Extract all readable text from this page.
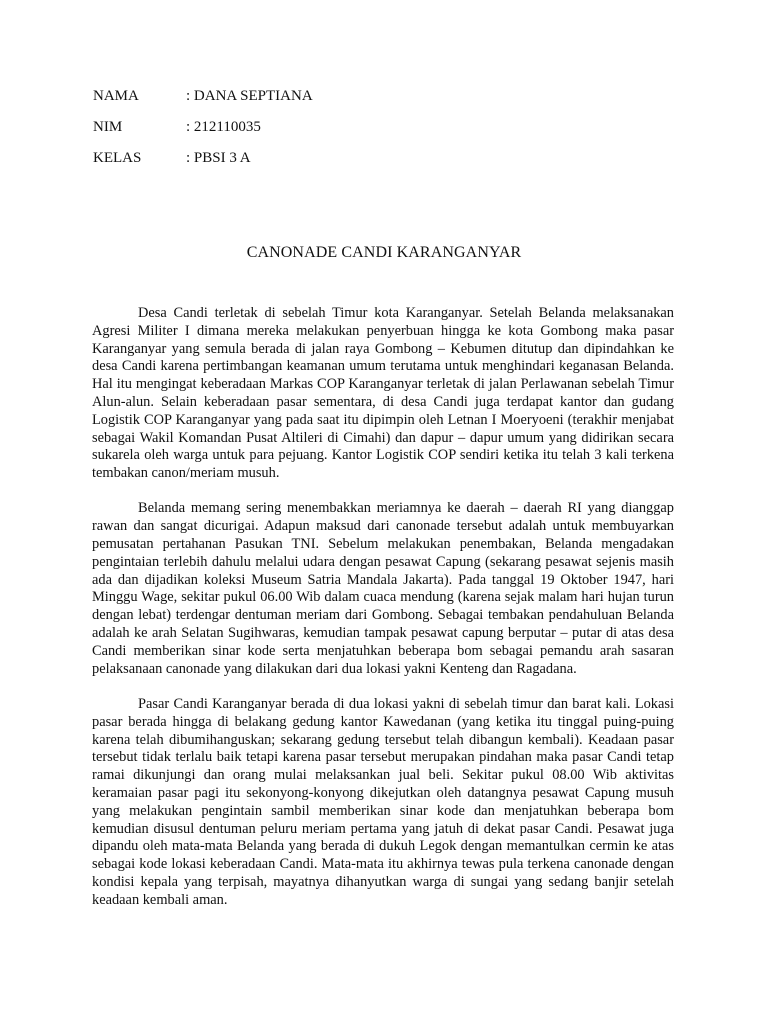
NAMA	: DANA SEPTIANA
NIM	: 212110035
KELAS	: PBSI 3 A
CANONADE CANDI KARANGANYAR

Desa Candi terletak di sebelah Timur kota Karanganyar. Setelah Belanda melaksanakan Agresi Militer I dimana mereka melakukan penyerbuan hingga ke kota Gombong maka pasar Karanganyar yang semula berada di jalan raya Gombong – Kebumen ditutup dan dipindahkan ke desa Candi karena pertimbangan keamanan umum terutama untuk menghindari keganasan Belanda. Hal itu mengingat keberadaan Markas COP Karanganyar terletak di jalan Perlawanan sebelah Timur Alun-alun. Selain keberadaan pasar sementara, di desa Candi juga terdapat kantor dan gudang Logistik COP Karanganyar yang pada saat itu dipimpin oleh Letnan I Moeryoeni (terakhir menjabat sebagai Wakil Komandan Pusat Altileri di Cimahi) dan dapur – dapur umum yang didirikan secara sukarela oleh warga untuk para pejuang. Kantor Logistik COP sendiri ketika itu telah 3 kali terkena tembakan canon/meriam musuh.

Belanda memang sering menembakkan meriamnya ke daerah – daerah RI yang dianggap rawan dan sangat dicurigai. Adapun maksud dari canonade tersebut adalah untuk membuyarkan pemusatan pertahanan Pasukan TNI. Sebelum melakukan penembakan, Belanda mengadakan pengintaian terlebih dahulu melalui udara dengan pesawat Capung (sekarang pesawat sejenis masih ada dan dijadikan koleksi Museum Satria Mandala Jakarta). Pada tanggal 19 Oktober 1947, hari Minggu Wage, sekitar pukul 06.00 Wib dalam cuaca mendung (karena sejak malam hari hujan turun dengan lebat) terdengar dentuman meriam dari Gombong. Sebagai tembakan pendahuluan Belanda adalah ke arah Selatan Sugihwaras, kemudian tampak pesawat capung berputar – putar di atas desa Candi memberikan sinar kode serta menjatuhkan beberapa bom sebagai pemandu arah sasaran pelaksanaan canonade yang dilakukan dari dua lokasi yakni Kenteng dan Ragadana.

Pasar Candi Karanganyar berada di dua lokasi yakni di sebelah timur dan barat kali. Lokasi pasar berada hingga di belakang gedung kantor Kawedanan (yang ketika itu tinggal puing-puing karena telah dibumihanguskan; sekarang gedung tersebut telah dibangun kembali). Keadaan pasar tersebut tidak terlalu baik tetapi karena pasar tersebut merupakan pindahan maka pasar Candi tetap ramai dikunjungi dan orang mulai melaksankan jual beli. Sekitar pukul 08.00 Wib aktivitas keramaian pasar pagi itu sekonyong-konyong dikejutkan oleh datangnya pesawat Capung musuh yang melakukan pengintain sambil memberikan sinar kode dan menjatuhkan beberapa bom kemudian disusul dentuman peluru meriam pertama yang jatuh di dekat pasar Candi. Pesawat juga dipandu oleh mata-mata Belanda yang berada di dukuh Legok dengan memantulkan cermin ke atas sebagai kode lokasi keberadaan Candi. Mata-mata itu akhirnya tewas pula terkena canonade dengan kondisi kepala yang terpisah, mayatnya dihanyutkan warga di sungai yang sedang banjir setelah keadaan kembali aman.
